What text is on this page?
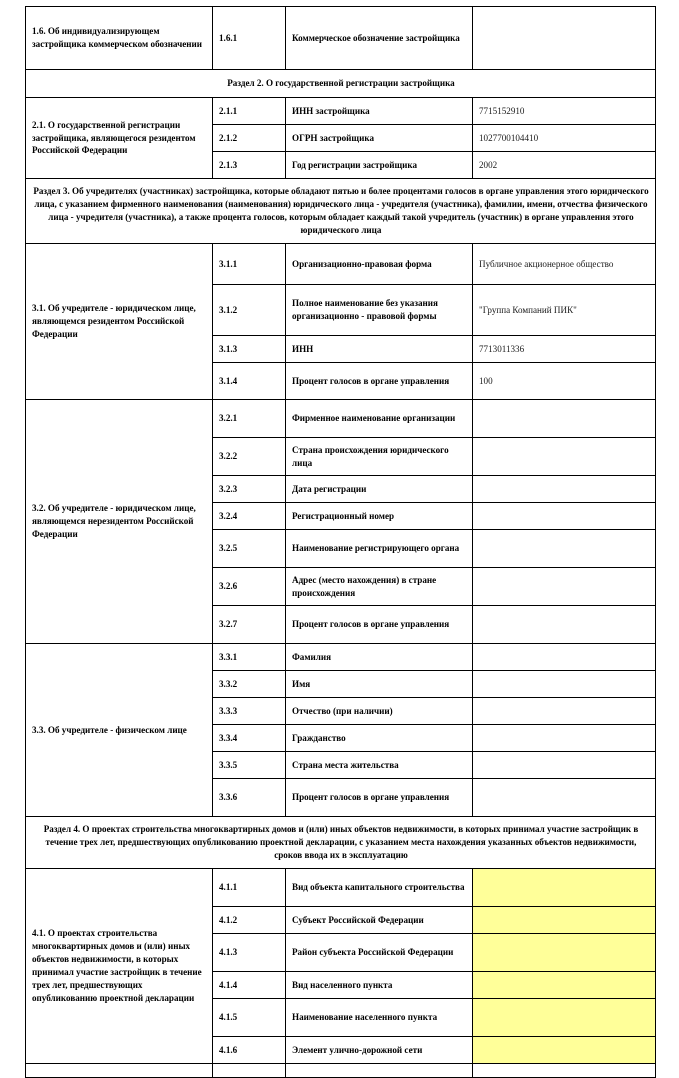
1.6. Об индивидуализирующем застройщика коммерческом обозначении	1.6.1	Коммерческое обозначение застройщика	
Раздел 2. О государственной регистрации застройщика			
2.1. О государственной регистрации застройщика, являющегося резидентом Российской Федерации	2.1.1	ИНН застройщика	7715152910
	2.1.2	ОГРН застройщика	1027700104410
	2.1.3	Год регистрации застройщика	2002
Раздел 3. Об учредителях (участниках) застройщика, которые обладают пятью и более процентами голосов в органе управления этого юридического лица, с указанием фирменного наименования (наименования) юридического лица - учредителя (участника), фамилии, имени, отчества физического лица - учредителя (участника), а также процента голосов, которым обладает каждый такой учредитель (участник) в органе управления этого юридического лица			
3.1. Об учредителе - юридическом лице, являющемся резидентом Российской Федерации	3.1.1	Организационно-правовая форма	Публичное акционерное общество
	3.1.2	Полное наименование без указания организационно - правовой формы	"Группа Компаний ПИК"
	3.1.3	ИНН	7713011336
	3.1.4	Процент голосов в органе управления	100
3.2. Об учредителе - юридическом лице, являющемся нерезидентом Российской Федерации	3.2.1	Фирменное наименование организации	
	3.2.2	Страна происхождения юридического лица	
	3.2.3	Дата регистрации	
	3.2.4	Регистрационный номер	
	3.2.5	Наименование регистрирующего органа	
	3.2.6	Адрес (место нахождения) в стране происхождения	
	3.2.7	Процент голосов в органе управления	
3.3. Об учредителе - физическом лице	3.3.1	Фамилия	
	3.3.2	Имя	
	3.3.3	Отчество (при наличии)	
	3.3.4	Гражданство	
	3.3.5	Страна места жительства	
	3.3.6	Процент голосов в органе управления	
Раздел 4. О проектах строительства многоквартирных домов и (или) иных объектов недвижимости, в которых принимал участие застройщик в течение трех лет, предшествующих опубликованию проектной декларации, с указанием места нахождения указанных объектов недвижимости, сроков ввода их в эксплуатацию			
4.1. О проектах строительства многоквартирных домов и (или) иных объектов недвижимости, в которых принимал участие застройщик в течение трех лет, предшествующих опубликованию проектной декларации	4.1.1	Вид объекта капитального строительства	
	4.1.2	Субъект Российской Федерации	
	4.1.3	Район субъекта Российской Федерации	
	4.1.4	Вид населенного пункта	
	4.1.5	Наименование населенного пункта	
	4.1.6	Элемент улично-дорожной сети	
